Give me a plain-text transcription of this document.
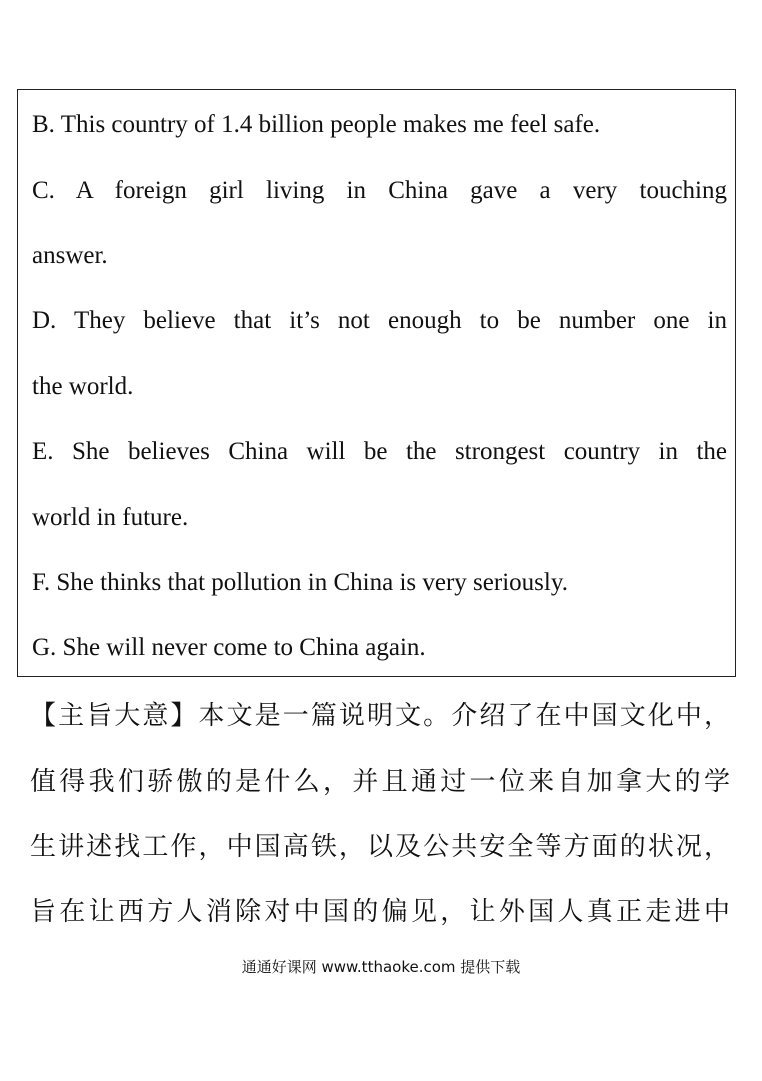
B. This country of 1.4 billion people makes me feel safe.
C. A foreign girl living in China gave a very touching
answer.
D. They believe that it’s not enough to be number one in
the world.
E. She believes China will be the strongest country in the
world in future.
F. She thinks that pollution in China is very seriously.
G. She will never come to China again.
【主旨大意】本文是一篇说明文。介绍了在中国文化中，
值得我们骄傲的是什么，并且通过一位来自加拿大的学
生讲述找工作，中国高铁，以及公共安全等方面的状况，
旨在让西方人消除对中国的偏见，让外国人真正走进中
通通好课网 www.tthaoke.com 提供下载
